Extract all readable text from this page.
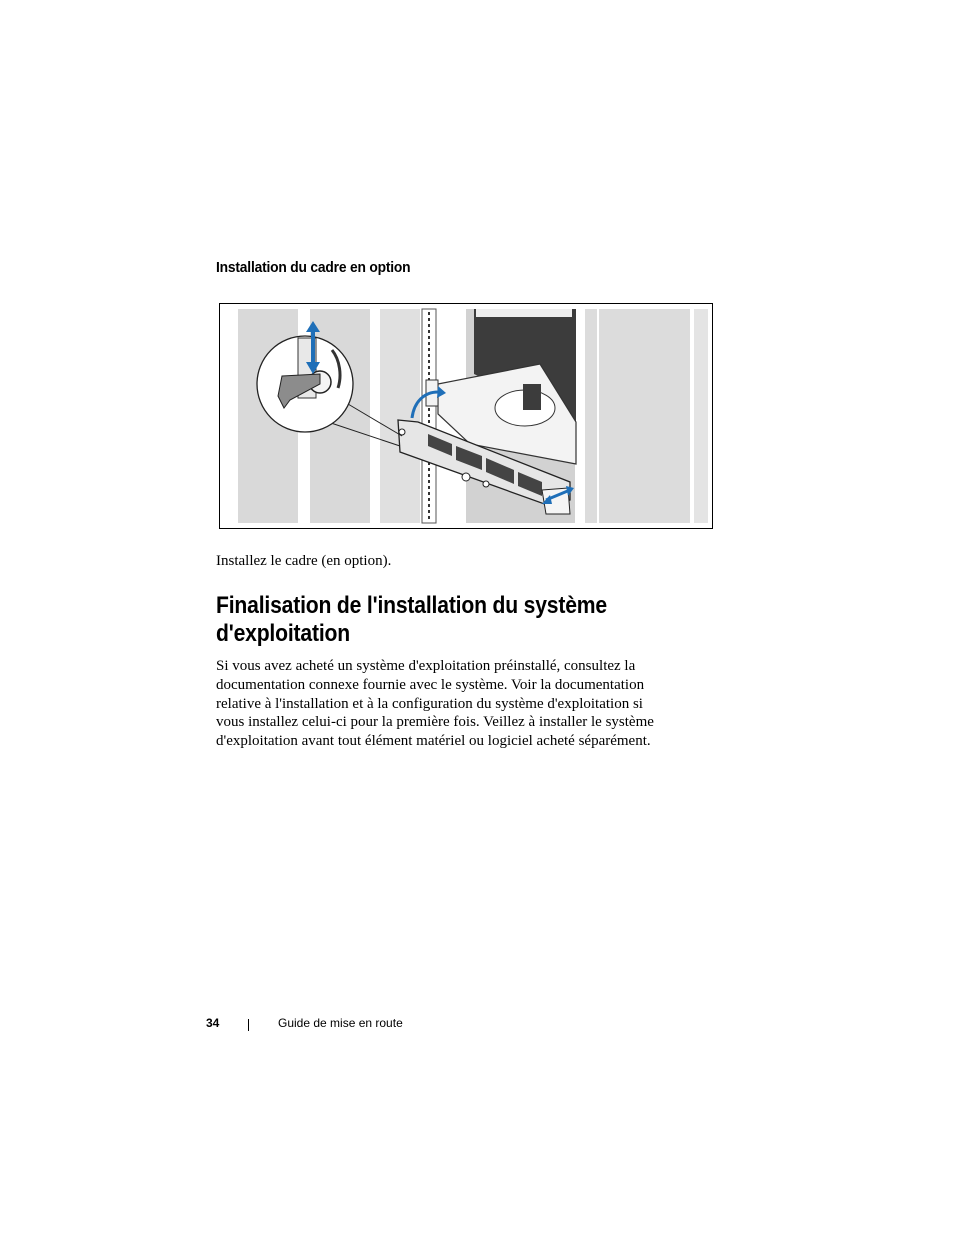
Installation du cadre en option
Installez le cadre (en option).
Finalisation de l'installation du système
d'exploitation
Si vous avez acheté un système d'exploitation préinstallé, consultez la
documentation connexe fournie avec le système. Voir la documentation
relative à l'installation et à la configuration du système d'exploitation si
vous installez celui-ci pour la première fois. Veillez à installer le système
d'exploitation avant tout élément matériel ou logiciel acheté séparément.
34	Guide de mise en route
